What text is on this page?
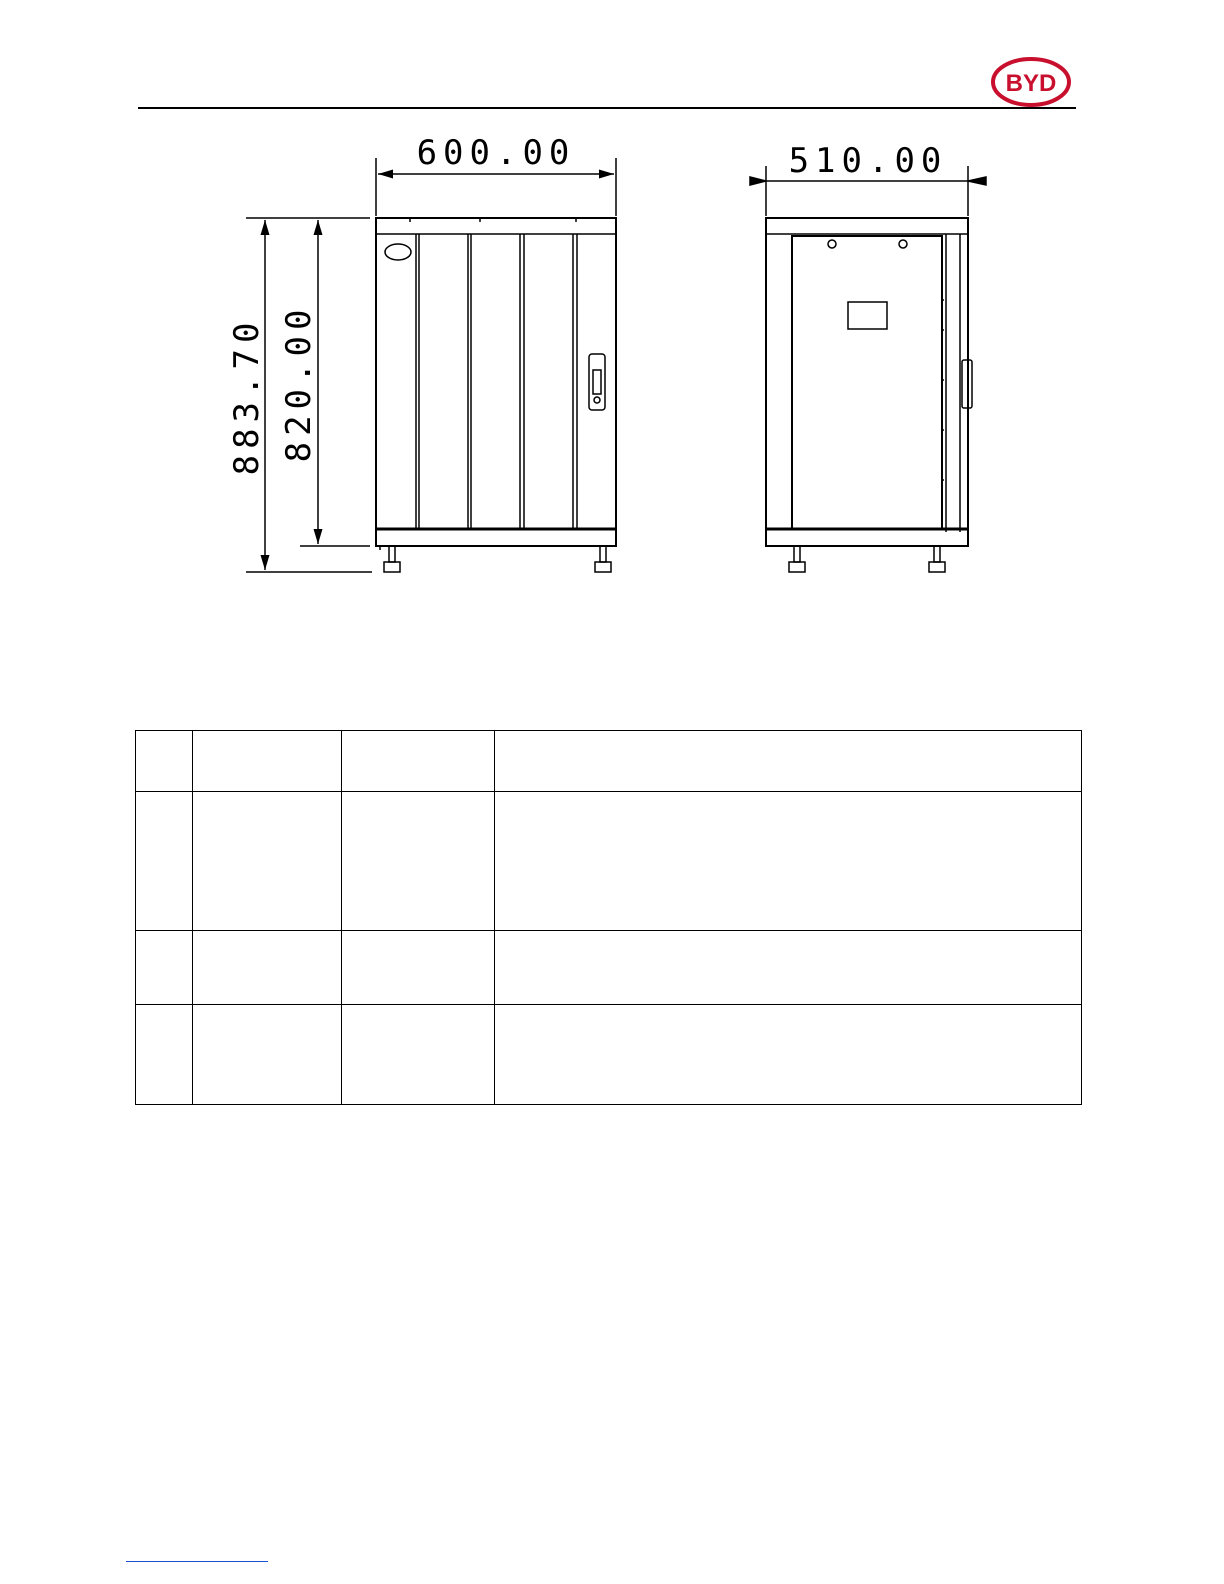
BYD
600.00
883.70 820.00
510.00
